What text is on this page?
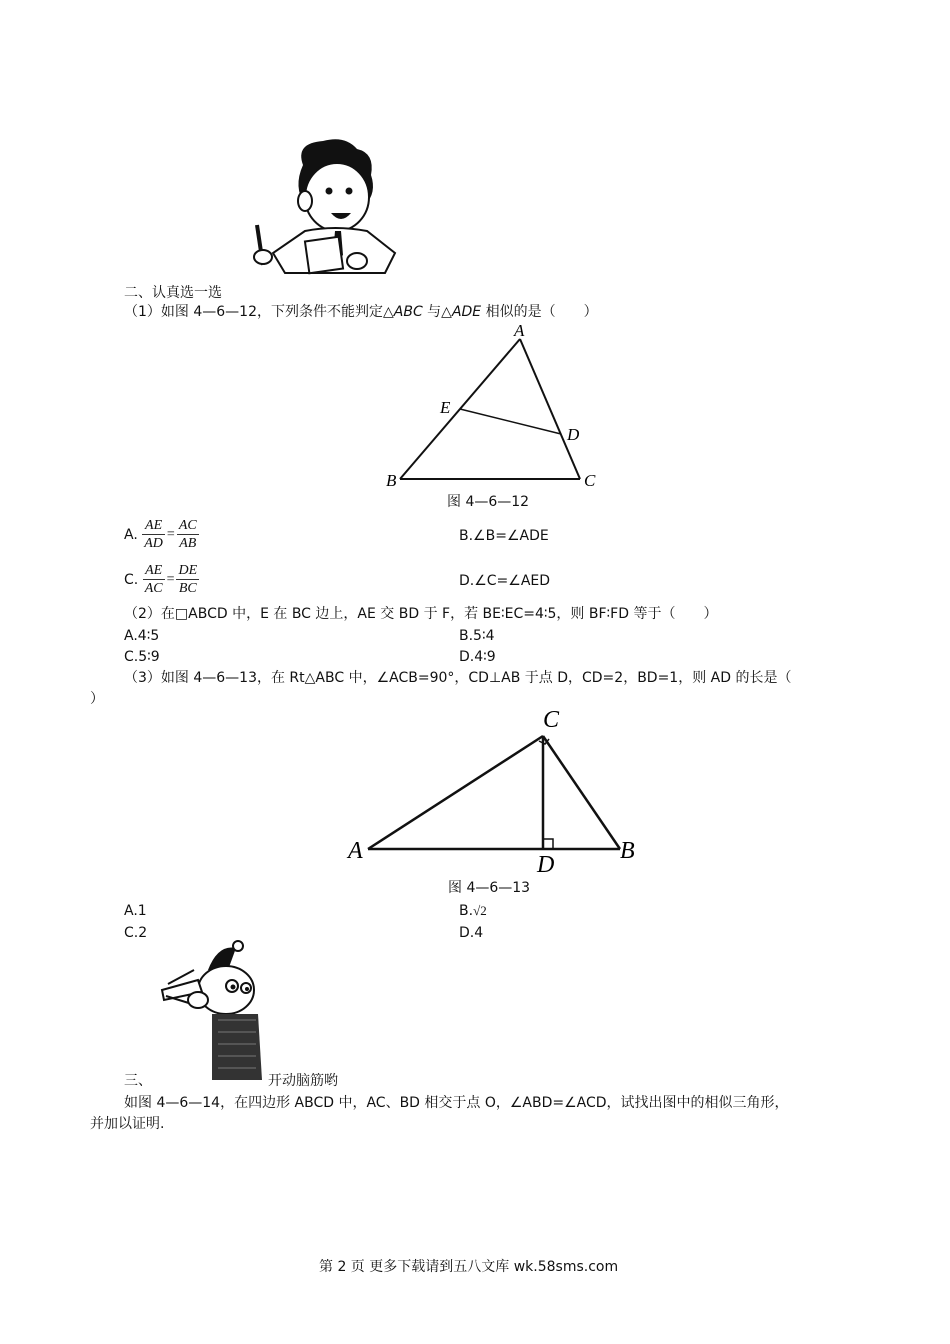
二、认真选一选
（1）如图 4—6—12，下列条件不能判定△ABC 与△ADE 相似的是（　　）
A
B	C
D
E
图 4—6—12
A. $\frac{AE}{AD} = \frac{AC}{AB}$	B.∠B=∠ADE
C. $\frac{AE}{AC} = \frac{DE}{BC}$	D.∠C=∠AED
（2）在□ABCD 中，E 在 BC 边上，AE 交 BD 于 F，若 BE∶EC=4∶5，则 BF∶FD 等于（　　）
A.4∶5	B.5∶4
C.5∶9	D.4∶9
（3）如图 4—6—13，在 Rt△ABC 中，∠ACB=90°，CD⊥AB 于点 D，CD=2，BD=1，则 AD 的长是（
）
C
A	B
D
图 4—6—13
A.1	B.√2
C.2	D.4
三、	开动脑筋哟
如图 4—6—14，在四边形 ABCD 中，AC、BD 相交于点 O，∠ABD=∠ACD，试找出图中的相似三角形，
并加以证明.
第 2 页 更多下载请到五八文库 wk.58sms.com
